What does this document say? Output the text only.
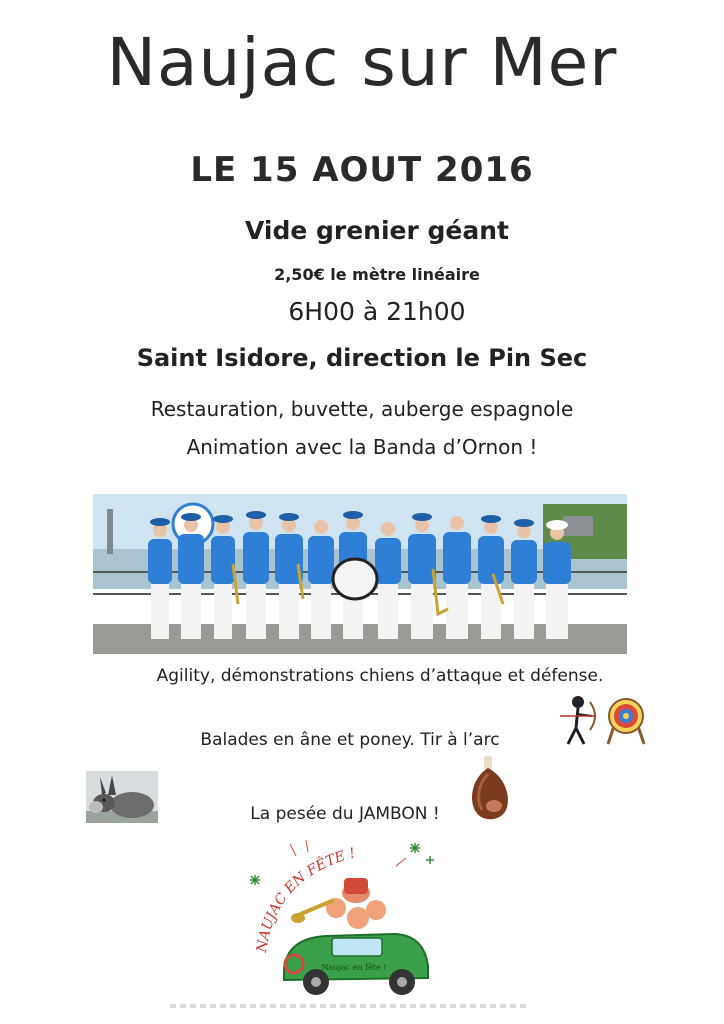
Naujac sur Mer
LE 15 AOUT 2016
Vide grenier géant
2,50€ le mètre linéaire
6H00 à 21h00
Saint Isidore, direction le Pin Sec
Restauration, buvette, auberge espagnole
Animation avec la Banda d’Ornon !
Agility, démonstrations chiens d’attaque et défense.
Balades en âne et poney. Tir à l’arc
La pesée du JAMBON !
NAUJAC EN FÊTE !
Naujac en fête !
